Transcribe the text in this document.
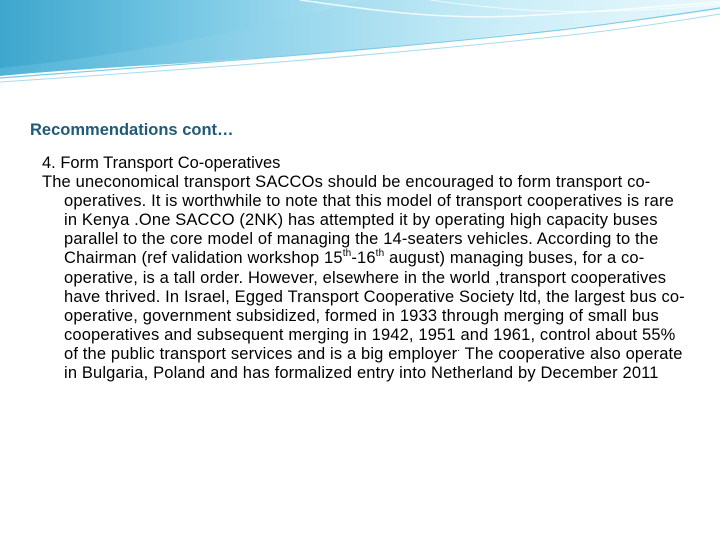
Recommendations cont…

4. Form Transport Co-operatives

The uneconomical transport SACCOs should be encouraged to form transport co-operatives. It is worthwhile to note that this model of transport cooperatives is rare in Kenya .One SACCO (2NK) has attempted it by operating high capacity buses parallel to the core model of managing the 14-seaters vehicles. According to the Chairman (ref validation workshop 15th-16th august) managing buses, for a co-operative, is a tall order. However, elsewhere in the world ,transport cooperatives have thrived. In Israel, Egged Transport Cooperative Society ltd, the largest bus co-operative, government subsidized, formed in 1933 through merging of small bus cooperatives and subsequent merging in 1942, 1951 and 1961, control about 55% of the public transport services and is a big employer. The cooperative also operate in Bulgaria, Poland and has formalized entry into Netherland by December 2011
